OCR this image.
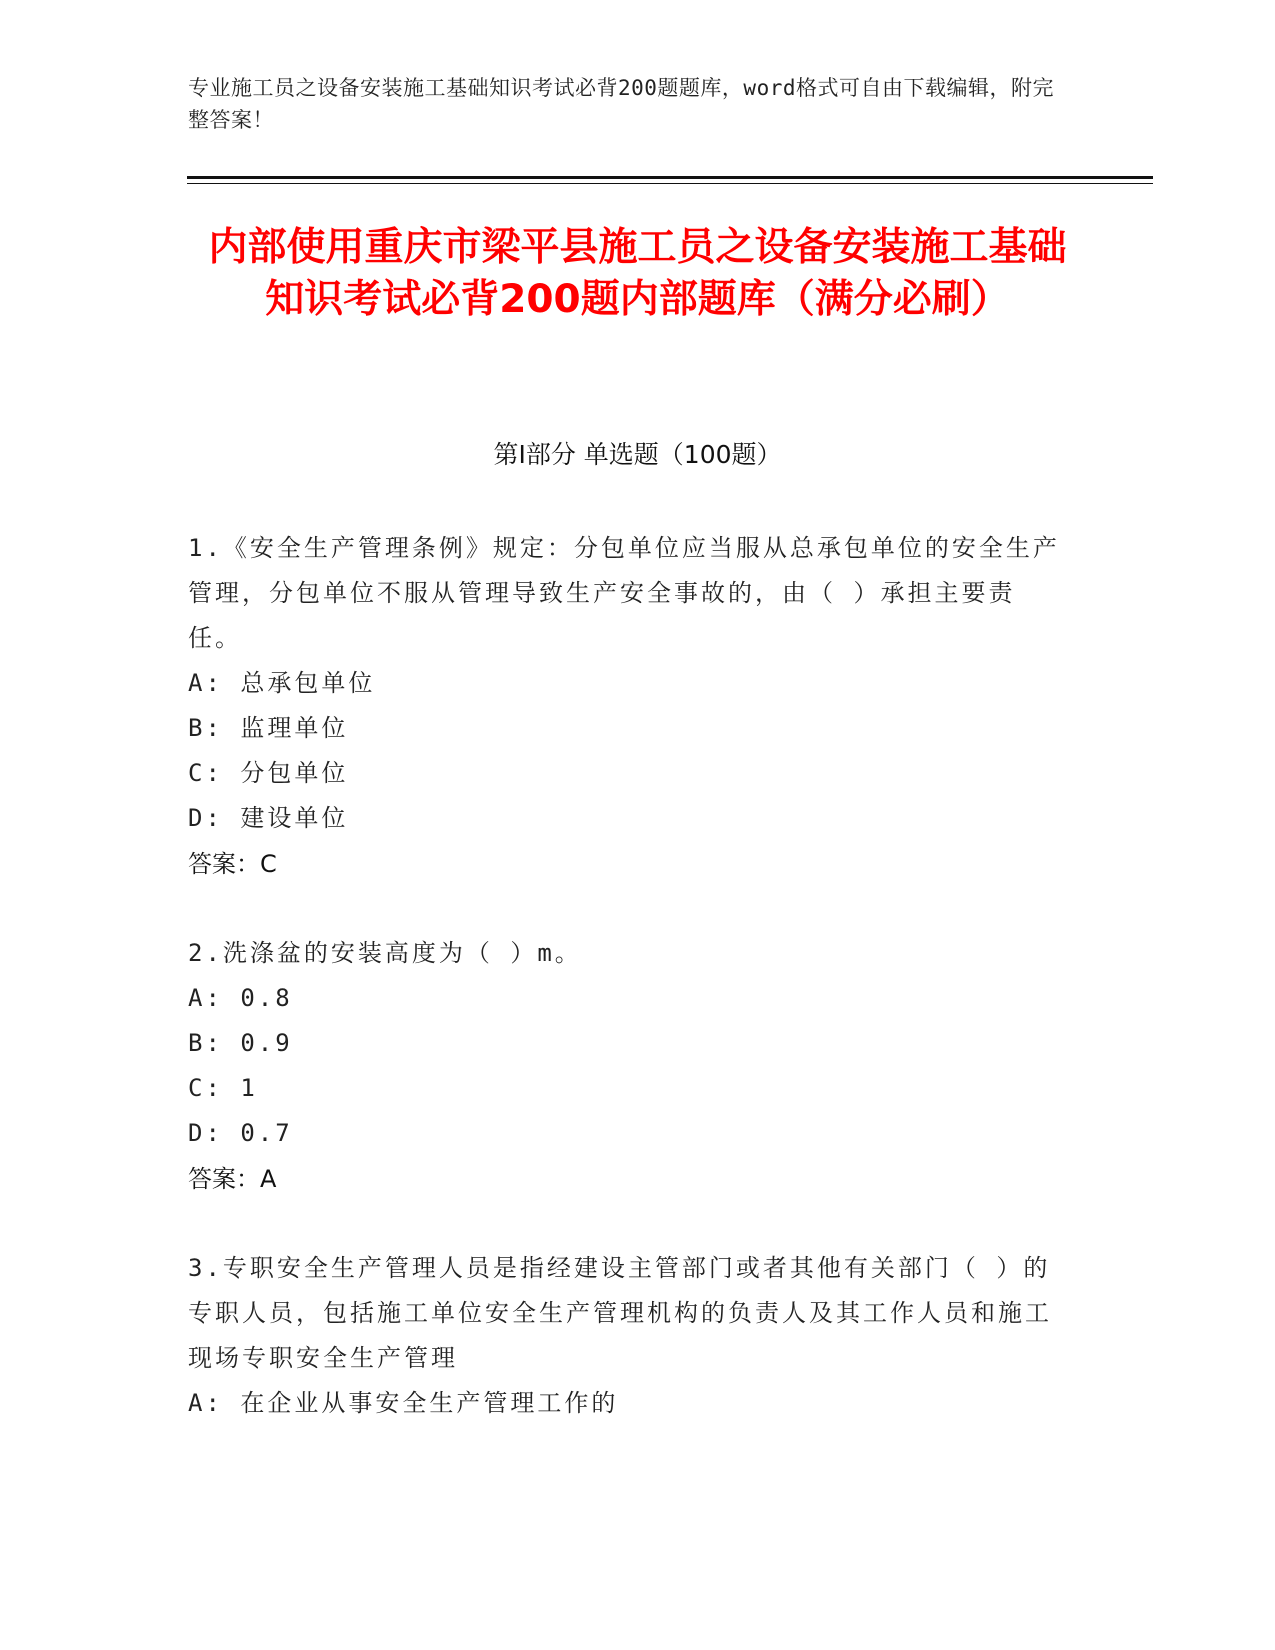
专业施工员之设备安装施工基础知识考试必背200题题库，word格式可自由下载编辑，附完整答案！
内部使用重庆市梁平县施工员之设备安装施工基础知识考试必背200题内部题库（满分必刷）
第Ⅰ部分 单选题（100题）
1.《安全生产管理条例》规定：分包单位应当服从总承包单位的安全生产管理，分包单位不服从管理导致生产安全事故的，由（ ）承担主要责任。
A: 总承包单位
B: 监理单位
C: 分包单位
D: 建设单位
答案：C
2.洗涤盆的安装高度为（ ）m。
A: 0.8
B: 0.9
C: 1
D: 0.7
答案：A
3.专职安全生产管理人员是指经建设主管部门或者其他有关部门（ ）的专职人员，包括施工单位安全生产管理机构的负责人及其工作人员和施工现场专职安全生产管理
A: 在企业从事安全生产管理工作的
